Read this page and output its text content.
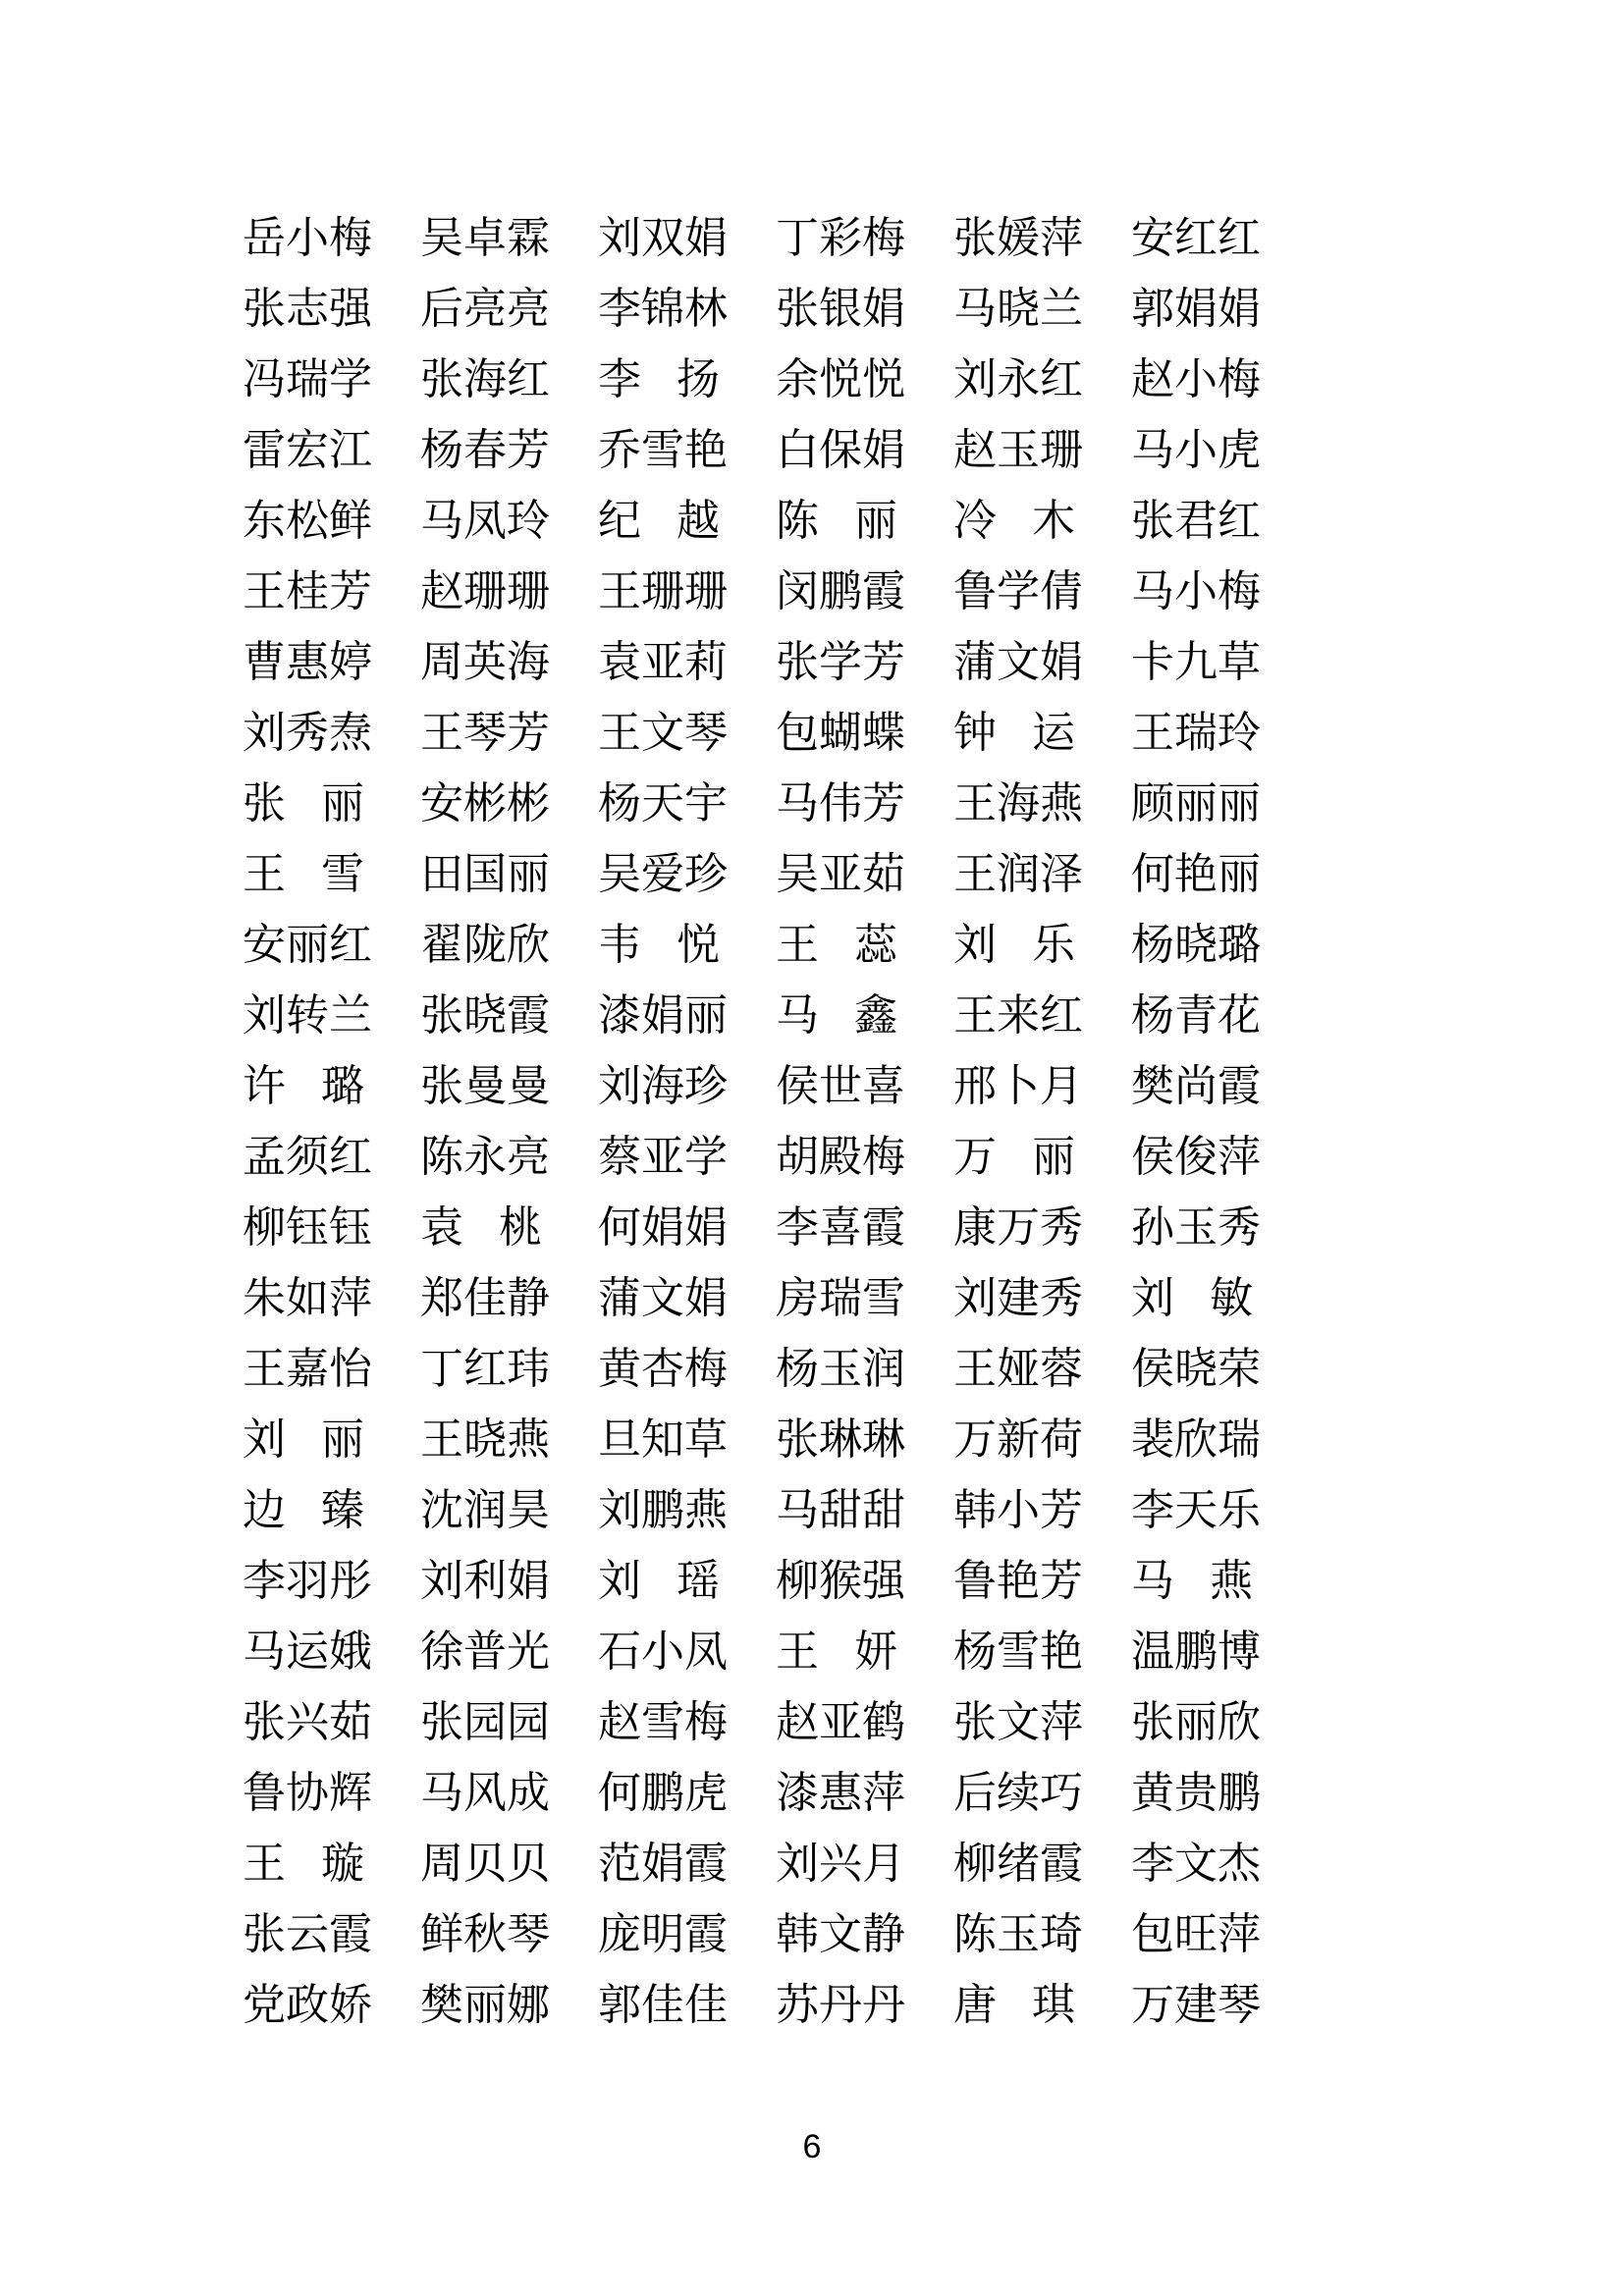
岳 小 梅 吴 卓 霖 刘 双 娟 丁 彩 梅 张 媛 萍 安 红 红
张 志 强 后 亮 亮 李 锦 林 张 银 娟 马 晓 兰 郭 娟 娟
冯 瑞 学 张 海 红 李 扬 余 悦 悦 刘 永 红 赵 小 梅
雷 宏 江 杨 春 芳 乔 雪 艳 白 保 娟 赵 玉 珊 马 小 虎
东 松 鲜 马 凤 玲 纪 越 陈 丽 冷 木 张 君 红
王 桂 芳 赵 珊 珊 王 珊 珊 闵 鹏 霞 鲁 学 倩 马 小 梅
曹 惠 婷 周 英 海 袁 亚 莉 张 学 芳 蒲 文 娟 卡 九 草
刘 秀 焘 王 琴 芳 王 文 琴 包 蝴 蝶 钟 运 王 瑞 玲
张 丽 安 彬 彬 杨 天 宇 马 伟 芳 王 海 燕 顾 丽 丽
王 雪 田 国 丽 吴 爱 珍 吴 亚 茹 王 润 泽 何 艳 丽
安 丽 红 翟 陇 欣 韦 悦 王 蕊 刘 乐 杨 晓 璐
刘 转 兰 张 晓 霞 漆 娟 丽 马 鑫 王 来 红 杨 青 花
许 璐 张 曼 曼 刘 海 珍 侯 世 喜 邢 卜 月 樊 尚 霞
孟 须 红 陈 永 亮 蔡 亚 学 胡 殿 梅 万 丽 侯 俊 萍
柳 钰 钰 袁 桃 何 娟 娟 李 喜 霞 康 万 秀 孙 玉 秀
朱 如 萍 郑 佳 静 蒲 文 娟 房 瑞 雪 刘 建 秀 刘 敏
王 嘉 怡 丁 红 玮 黄 杏 梅 杨 玉 润 王 娅 蓉 侯 晓 荣
刘 丽 王 晓 燕 旦 知 草 张 琳 琳 万 新 荷 裴 欣 瑞
边 臻 沈 润 昊 刘 鹏 燕 马 甜 甜 韩 小 芳 李 天 乐
李 羽 彤 刘 利 娟 刘 瑶 柳 猴 强 鲁 艳 芳 马 燕
马 运 娥 徐 普 光 石 小 凤 王 妍 杨 雪 艳 温 鹏 博
张 兴 茹 张 园 园 赵 雪 梅 赵 亚 鹤 张 文 萍 张 丽 欣
鲁 协 辉 马 风 成 何 鹏 虎 漆 惠 萍 后 续 巧 黄 贵 鹏
王 璇 周 贝 贝 范 娟 霞 刘 兴 月 柳 绪 霞 李 文 杰
张 云 霞 鲜 秋 琴 庞 明 霞 韩 文 静 陈 玉 琦 包 旺 萍
党 政 娇 樊 丽 娜 郭 佳 佳 苏 丹 丹 唐 琪 万 建 琴
6
